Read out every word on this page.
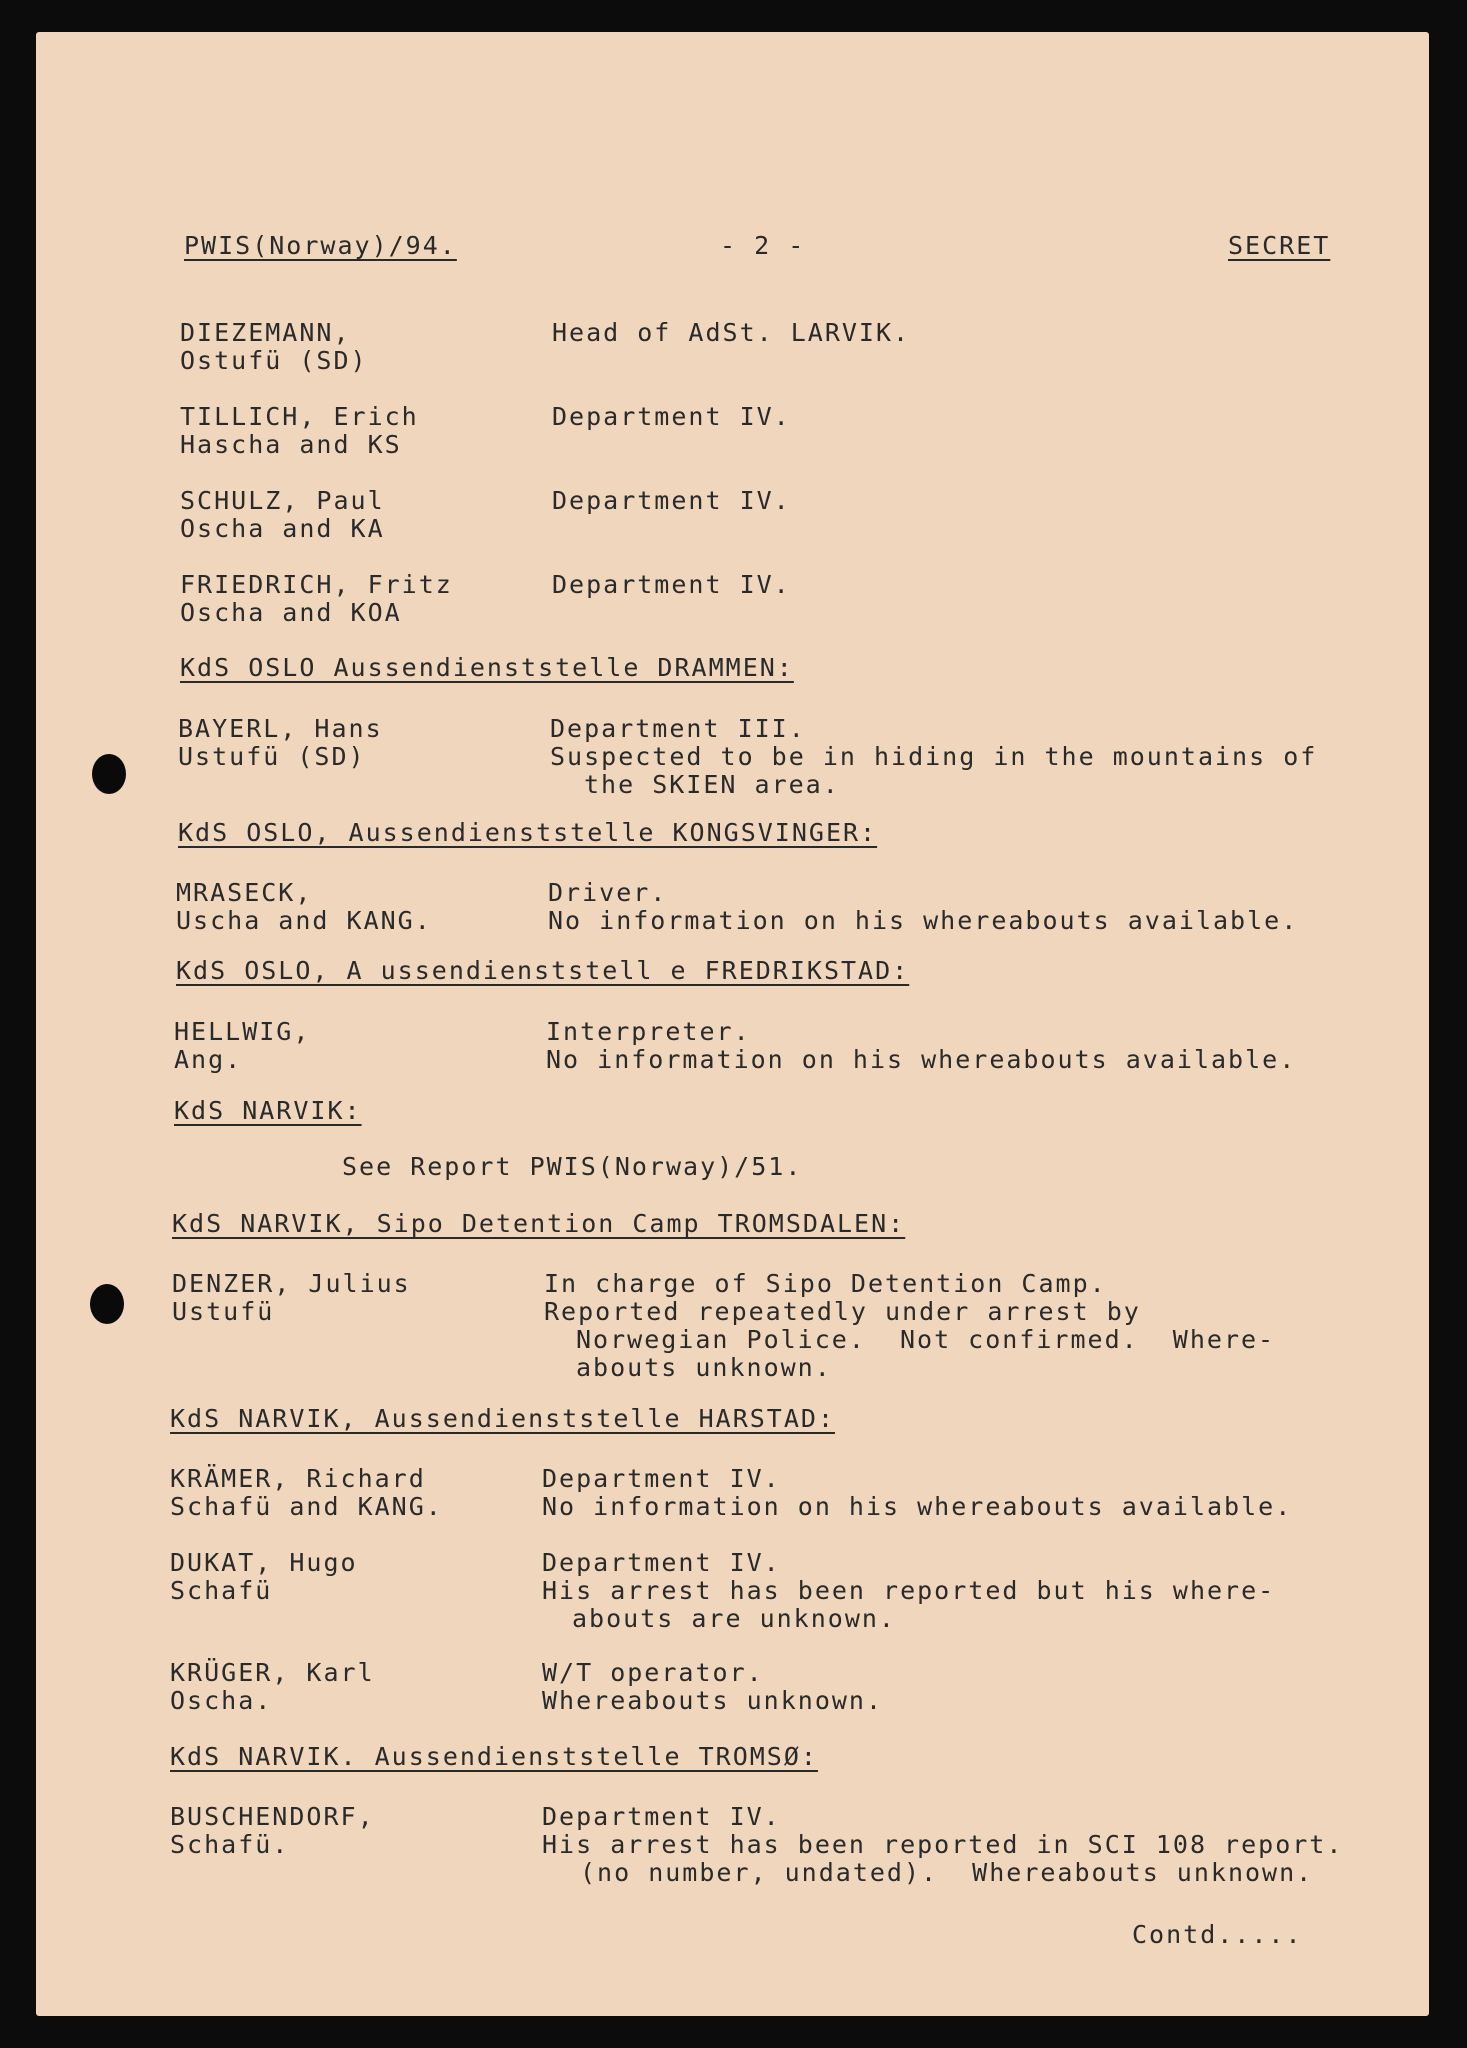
PWIS(Norway)/94.	- 2 -	SECRET
DIEZEMANN,
Ostufü (SD)
Head of AdSt. LARVIK.
TILLICH, Erich
Hascha and KS
Department IV.
SCHULZ, Paul
Oscha and KA
Department IV.
FRIEDRICH, Fritz
Oscha and KOA
Department IV.
KdS OSLO Aussendienststelle DRAMMEN:
BAYERL, Hans
Ustufü (SD)
Department III.
Suspected to be in hiding in the mountains of
the SKIEN area.
KdS OSLO, Aussendienststelle KONGSVINGER:
MRASECK,
Uscha and KANG.
Driver.
No information on his whereabouts available.
KdS OSLO, A ussendienststell e FREDRIKSTAD:
HELLWIG,
Ang.
Interpreter.
No information on his whereabouts available.
KdS NARVIK:
See Report PWIS(Norway)/51.
KdS NARVIK, Sipo Detention Camp TROMSDALEN:
DENZER, Julius
Ustufü
In charge of Sipo Detention Camp.
Reported repeatedly under arrest by
Norwegian Police.  Not confirmed.  Where-
abouts unknown.
KdS NARVIK, Aussendienststelle HARSTAD:
KRÄMER, Richard
Schafü and KANG.
Department IV.
No information on his whereabouts available.
DUKAT, Hugo
Schafü
Department IV.
His arrest has been reported but his where-
abouts are unknown.
KRÜGER, Karl
Oscha.
W/T operator.
Whereabouts unknown.
KdS NARVIK. Aussendienststelle TROMSØ:
BUSCHENDORF,
Schafü.
Department IV.
His arrest has been reported in SCI 108 report.
(no number, undated).  Whereabouts unknown.
Contd.....
